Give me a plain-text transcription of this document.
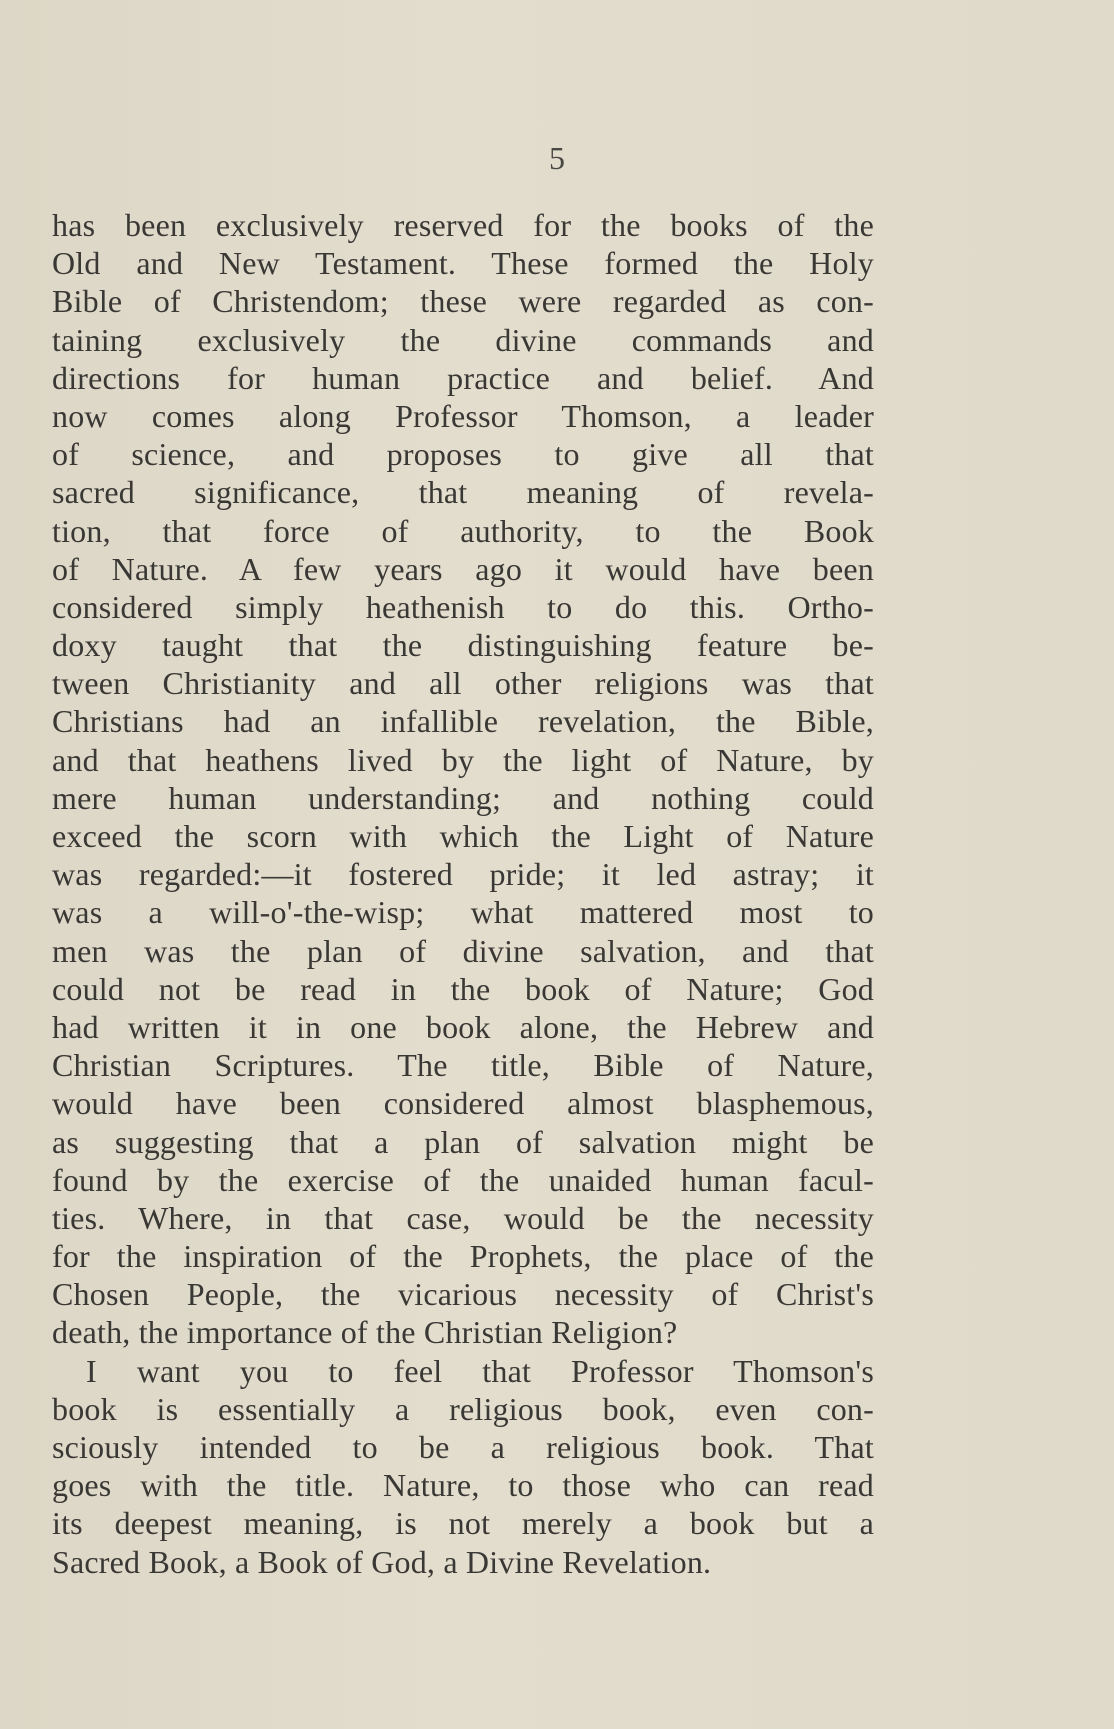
5
has been exclusively reserved for the books of the
Old and New Testament. These formed the Holy
Bible of Christendom; these were regarded as con-
taining exclusively the divine commands and
directions for human practice and belief. And
now comes along Professor Thomson, a leader
of science, and proposes to give all that
sacred significance, that meaning of revela-
tion, that force of authority, to the Book
of Nature. A few years ago it would have been
considered simply heathenish to do this. Ortho-
doxy taught that the distinguishing feature be-
tween Christianity and all other religions was that
Christians had an infallible revelation, the Bible,
and that heathens lived by the light of Nature, by
mere human understanding; and nothing could
exceed the scorn with which the Light of Nature
was regarded:—it fostered pride; it led astray; it
was a will-o'-the-wisp; what mattered most to
men was the plan of divine salvation, and that
could not be read in the book of Nature; God
had written it in one book alone, the Hebrew and
Christian Scriptures. The title, Bible of Nature,
would have been considered almost blasphemous,
as suggesting that a plan of salvation might be
found by the exercise of the unaided human facul-
ties. Where, in that case, would be the necessity
for the inspiration of the Prophets, the place of the
Chosen People, the vicarious necessity of Christ's
death, the importance of the Christian Religion?
I want you to feel that Professor Thomson's
book is essentially a religious book, even con-
sciously intended to be a religious book. That
goes with the title. Nature, to those who can read
its deepest meaning, is not merely a book but a
Sacred Book, a Book of God, a Divine Revelation.
